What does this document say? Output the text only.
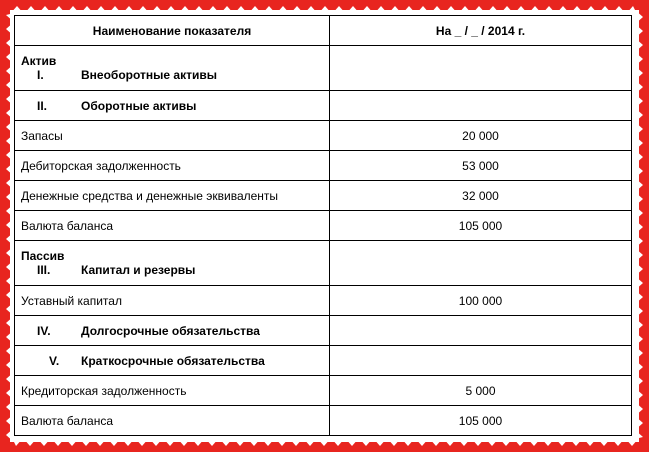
Наименование показателя	На _ / _ / 2014 г.

Актив
I. Внеоборотные активы	

II. Оборотные активы	
Запасы	20 000
Дебиторская задолженность	53 000
Денежные средства и денежные эквиваленты	32 000
Валюта баланса	105 000

Пассив
III. Капитал и резервы	

Уставный капитал	100 000
IV. Долгосрочные обязательства	
V. Краткосрочные обязательства	
Кредиторская задолженность	5 000
Валюта баланса	105 000
